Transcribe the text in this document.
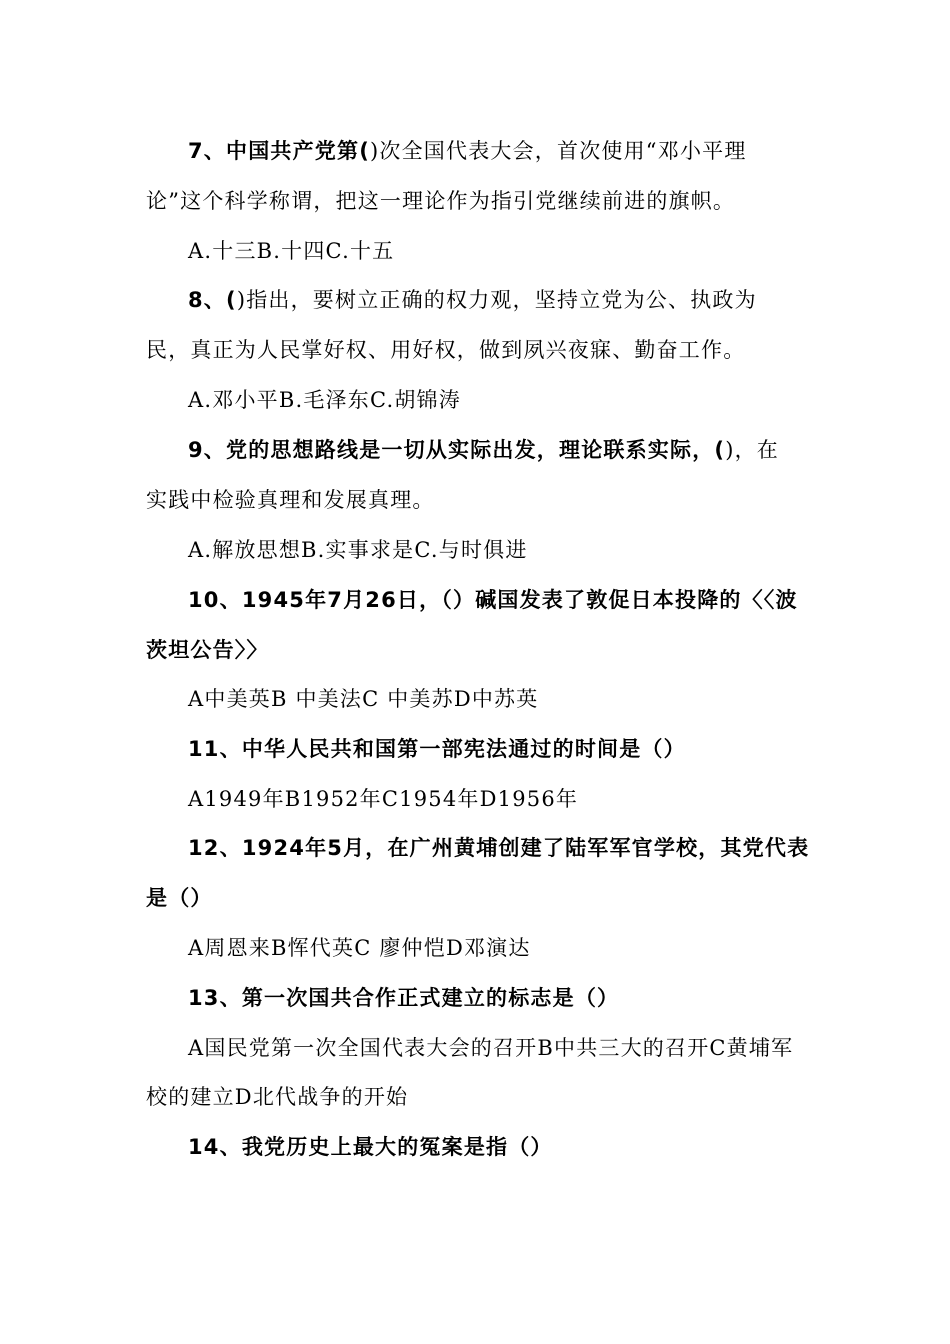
7、中国共产党第()次全国代表大会，首次使用“邓小平理
论”这个科学称谓，把这一理论作为指引党继续前进的旗帜。
A.十三B.十四C.十五
8、()指出，要树立正确的权力观，坚持立党为公、执政为
民，真正为人民掌好权、用好权，做到夙兴夜寐、勤奋工作。
A.邓小平B.毛泽东C.胡锦涛
9、党的思想路线是一切从实际出发，理论联系实际，()，在
实践中检验真理和发展真理。
A.解放思想B.实事求是C.与时俱进
10、1945年7月26日，（）碱国发表了敦促日本投降的〈〈波
茨坦公告〉〉
A中美英B 中美法C 中美苏D中苏英
11、中华人民共和国第一部宪法通过的时间是（）
A1949年B1952年C1954年D1956年
12、1924年5月，在广州黄埔创建了陆军军官学校，其党代表
是（）
A周恩来B恽代英C 廖仲恺D邓演达
13、第一次国共合作正式建立的标志是（）
A国民党第一次全国代表大会的召开B中共三大的召开C黄埔军
校的建立D北代战争的开始
14、我党历史上最大的冤案是指（）
